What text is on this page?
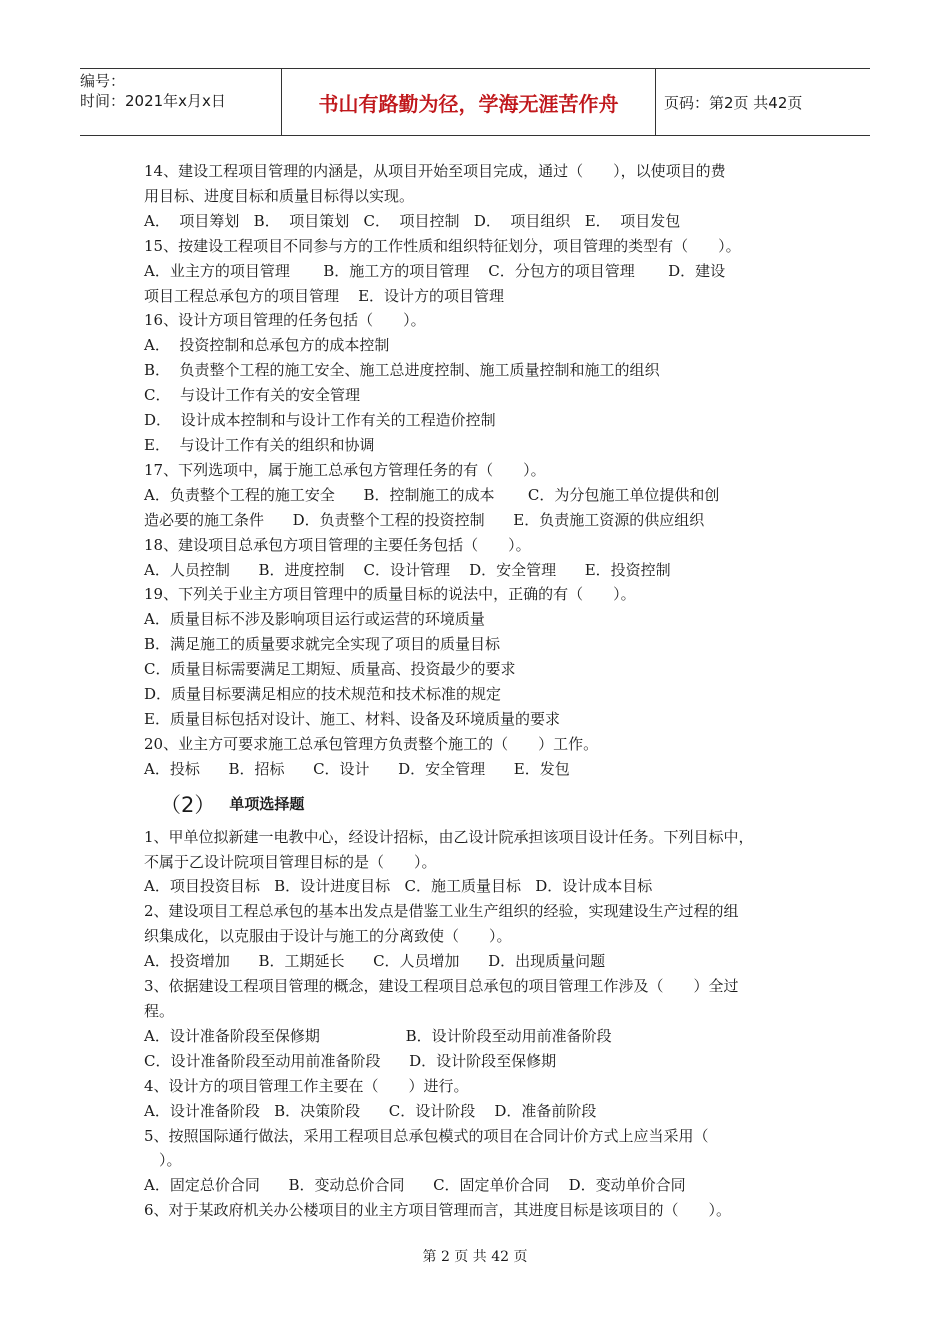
编号：
时间：2021年x月x日	书山有路勤为径，学海无涯苦作舟	页码：第2页 共42页
14、建设工程项目管理的内涵是，从项目开始至项目完成，通过（　　），以使项目的费
用目标、进度目标和质量目标得以实现。
A．  项目筹划   B．  项目策划   C．  项目控制   D．  项目组织   E．  项目发包
15、按建设工程项目不同参与方的工作性质和组织特征划分，项目管理的类型有（　　）。
A．业主方的项目管理       B．施工方的项目管理    C．分包方的项目管理       D．建设
项目工程总承包方的项目管理    E．设计方的项目管理
16、设计方项目管理的任务包括（　　）。
A．  投资控制和总承包方的成本控制
B．  负责整个工程的施工安全、施工总进度控制、施工质量控制和施工的组织
C．  与设计工作有关的安全管理
D．  设计成本控制和与设计工作有关的工程造价控制
E．  与设计工作有关的组织和协调
17、下列选项中，属于施工总承包方管理任务的有（　　）。
A．负责整个工程的施工安全      B．控制施工的成本       C．为分包施工单位提供和创
造必要的施工条件      D．负责整个工程的投资控制      E．负责施工资源的供应组织
18、建设项目总承包方项目管理的主要任务包括（　　）。
A．人员控制      B．进度控制    C．设计管理    D．安全管理      E．投资控制
19、下列关于业主方项目管理中的质量目标的说法中，正确的有（　　）。
A．质量目标不涉及影响项目运行或运营的环境质量
B．满足施工的质量要求就完全实现了项目的质量目标
C．质量目标需要满足工期短、质量高、投资最少的要求
D．质量目标要满足相应的技术规范和技术标准的规定
E．质量目标包括对设计、施工、材料、设备及环境质量的要求
20、业主方可要求施工总承包管理方负责整个施工的（　　）工作。
A．投标      B．招标      C．设计      D．安全管理      E．发包
（2） 单项选择题
1、甲单位拟新建一电教中心，经设计招标，由乙设计院承担该项目设计任务。下列目标中，
不属于乙设计院项目管理目标的是（　　）。
A．项目投资目标   B．设计进度目标   C．施工质量目标   D．设计成本目标
2、建设项目工程总承包的基本出发点是借鉴工业生产组织的经验，实现建设生产过程的组
织集成化，以克服由于设计与施工的分离致使（　　）。
A．投资增加      B．工期延长      C．人员增加      D．出现质量问题
3、依据建设工程项目管理的概念，建设工程项目总承包的项目管理工作涉及（　　）全过
程。
A．设计准备阶段至保修期                  B．设计阶段至动用前准备阶段
C．设计准备阶段至动用前准备阶段      D．设计阶段至保修期
4、设计方的项目管理工作主要在（　　）进行。
A．设计准备阶段   B．决策阶段      C．设计阶段    D．准备前阶段
5、按照国际通行做法，采用工程项目总承包模式的项目在合同计价方式上应当采用（
　）。
A．固定总价合同      B．变动总价合同      C．固定单价合同    D．变动单价合同
6、对于某政府机关办公楼项目的业主方项目管理而言，其进度目标是该项目的（　　）。
第 2 页 共 42 页
